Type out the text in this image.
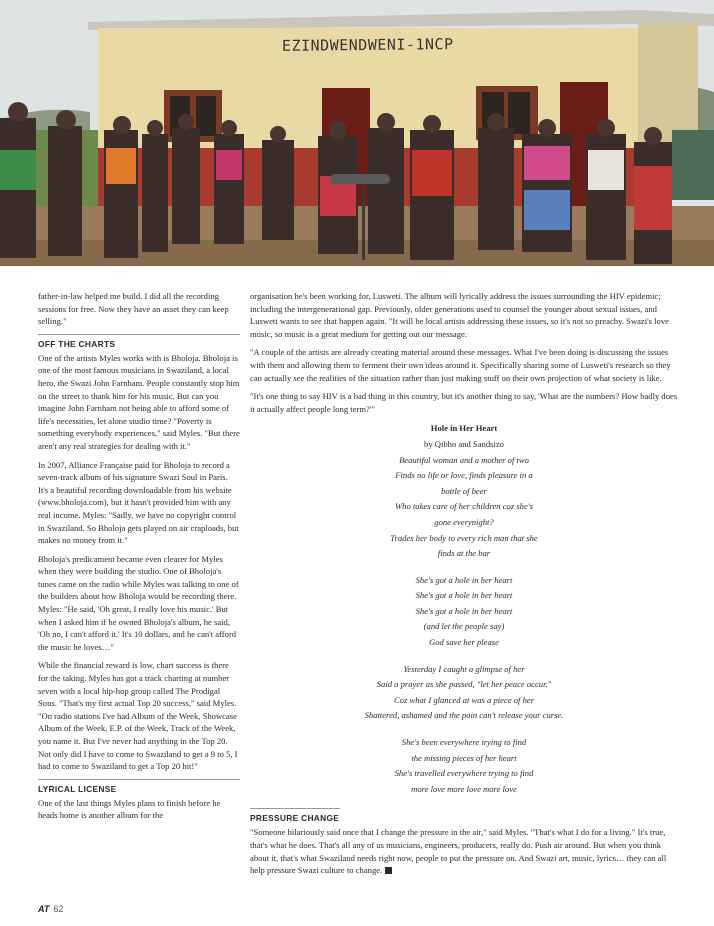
EZINDWENDWENI-1NCP

father-in-law helped me build. I did all the recording sessions for free. Now they have an asset they can keep selling."

OFF THE CHARTS

One of the artists Myles works with is Bholoja. Bholoja is one of the most famous musicians in Swaziland, a local hero, the Swazi John Farnham. People constantly stop him on the street to thank him for his music. But can you imagine John Farnham not being able to afford some of life's necessities, let alone studio time? "Poverty is something everybody experiences," said Myles. "But there aren't any real strategies for dealing with it."

In 2007, Alliance Française paid for Bholoja to record a seven-track album of his signature Swazi Soul in Paris. It's a beautiful recording downloadable from his website (www.bholoja.com), but it hasn't provided him with any real income. Myles: "Sadly, we have no copyright control in Swaziland. So Bholoja gets played on air craploads, but makes no money from it."

Bholoja's predicament became even clearer for Myles when they were building the studio. One of Bholoja's tunes came on the radio while Myles was talking to one of the builders about how Bholoja would be recording there. Myles: "He said, 'Oh great, I really love his music.' But when I asked him if he owned Bholoja's album, he said, 'Oh no, I can't afford it.' It's 10 dollars, and he can't afford the music he loves…"

While the financial reward is low, chart success is there for the taking. Myles has got a track charting at number seven with a local hip-hop group called The Prodigal Sons. "That's my first actual Top 20 success," said Myles. "On radio stations I've had Album of the Week, Showcase Album of the Week, E.P. of the Week, Track of the Week, you name it. But I've never had anything in the Top 20. Not only did I have to come to Swaziland to get a 9 to 5, I had to come to Swaziland to get a Top 20 hit!"

LYRICAL LICENSE

One of the last things Myles plans to finish before he heads home is another album for the

organisation he's been working for, Lusweti. The album will lyrically address the issues surrounding the HIV epidemic; including the intergenerational gap. Previously, older generations used to counsel the younger about sexual issues, and Lusweti wants to see that happen again. "It will be local artists addressing these issues, so it's not so preachy. Swazi's love music, so music is a great medium for getting out our message.

"A couple of the artists are already creating material around these messages. What I've been doing is discussing the issues with them and allowing them to ferment their own ideas around it. Specifically sharing some of Lusweti's research so they can actually see the realities of the situation rather than just making stuff on their own projection of what society is like.

"It's one thing to say HIV is a bad thing in this country, but it's another thing to say, 'What are the numbers? How badly does it actually affect people long term?'"

Hole in Her Heart
by Qibho and Sandsizo
Beautiful woman and a mother of two
Finds no life or love, finds pleasure in a
bottle of beer
Who takes care of her children coz she's
gone everynight?
Trades her body to every rich man that she
finds at the bar
She's got a hole in her heart
She's got a hole in her heart
She's got a hole in her heart
(and let the people say)
God save her please
Yesterday I caught a glimpse of her
Said a prayer as she passed, "let her peace occur."
Coz what I glanced at was a piece of her
Shattered, ashamed and the pain can't release your curse.
She's been everywhere trying to find
the missing pieces of her heart
She's travelled everywhere trying to find
more love more love more love
PRESSURE CHANGE

"Someone hilariously said once that I change the pressure in the air," said Myles. "That's what I do for a living." It's true, that's what he does. That's all any of us musicians, engineers, producers, really do. Push air around. But when you think about it, that's what Swaziland needs right now, people to put the pressure on. And Swazi art, music, lyrics… they can all help pressure Swazi culture to change.

AT 62
